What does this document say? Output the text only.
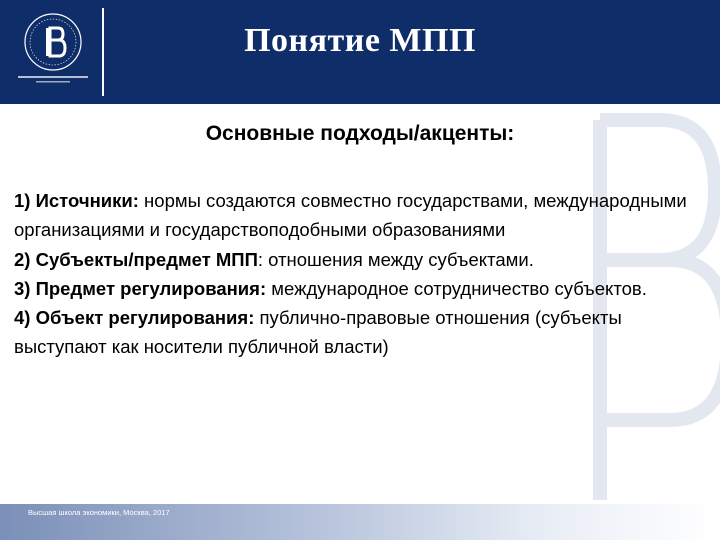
Понятие МПП
Основные подходы/акценты:
1) Источники: нормы создаются совместно государствами, международными организациями и государствоподобными образованиями
2) Субъекты/предмет МПП: отношения между субъектами.
3) Предмет регулирования: международное сотрудничество субъектов.
4) Объект регулирования: публично-правовые отношения (субъекты выступают как носители публичной власти)
Высшая школа экономики, Москва, 2017
